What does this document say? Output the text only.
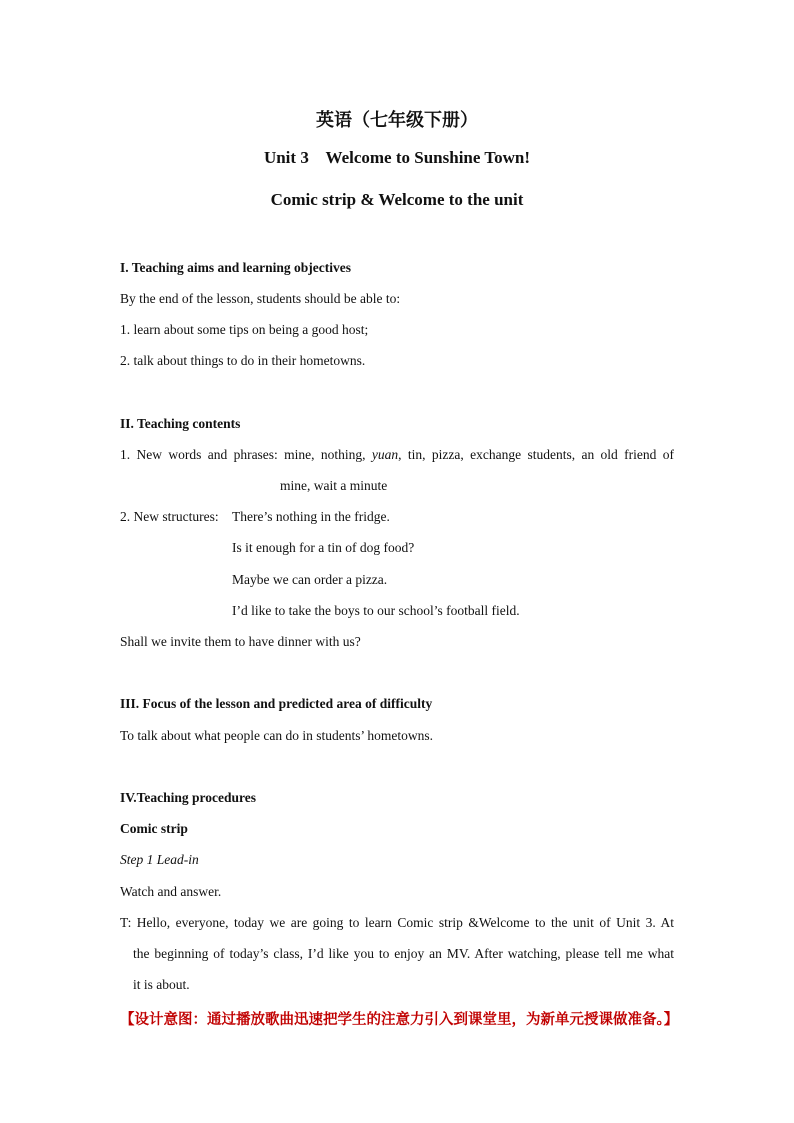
英语（七年级下册）
Unit 3    Welcome to Sunshine Town!
Comic strip & Welcome to the unit
I. Teaching aims and learning objectives
By the end of the lesson, students should be able to:
1. learn about some tips on being a good host;
2. talk about things to do in their hometowns.
II. Teaching contents
1. New words and phrases: mine, nothing, yuan, tin, pizza, exchange students, an old friend of
mine, wait a minute
2. New structures: There’s nothing in the fridge.
Is it enough for a tin of dog food?
Maybe we can order a pizza.
I’d like to take the boys to our school’s football field.
Shall we invite them to have dinner with us?
III. Focus of the lesson and predicted area of difficulty
To talk about what people can do in students’ hometowns.
IV.Teaching procedures
Comic strip
Step 1 Lead-in
Watch and answer.
T: Hello, everyone, today we are going to learn Comic strip &Welcome to the unit of Unit 3. At
the beginning of today’s class, I’d like you to enjoy an MV. After watching, please tell me what
it is about.
【设计意图：通过播放歌曲迅速把学生的注意力引入到课堂里，为新单元授课做准备。】
